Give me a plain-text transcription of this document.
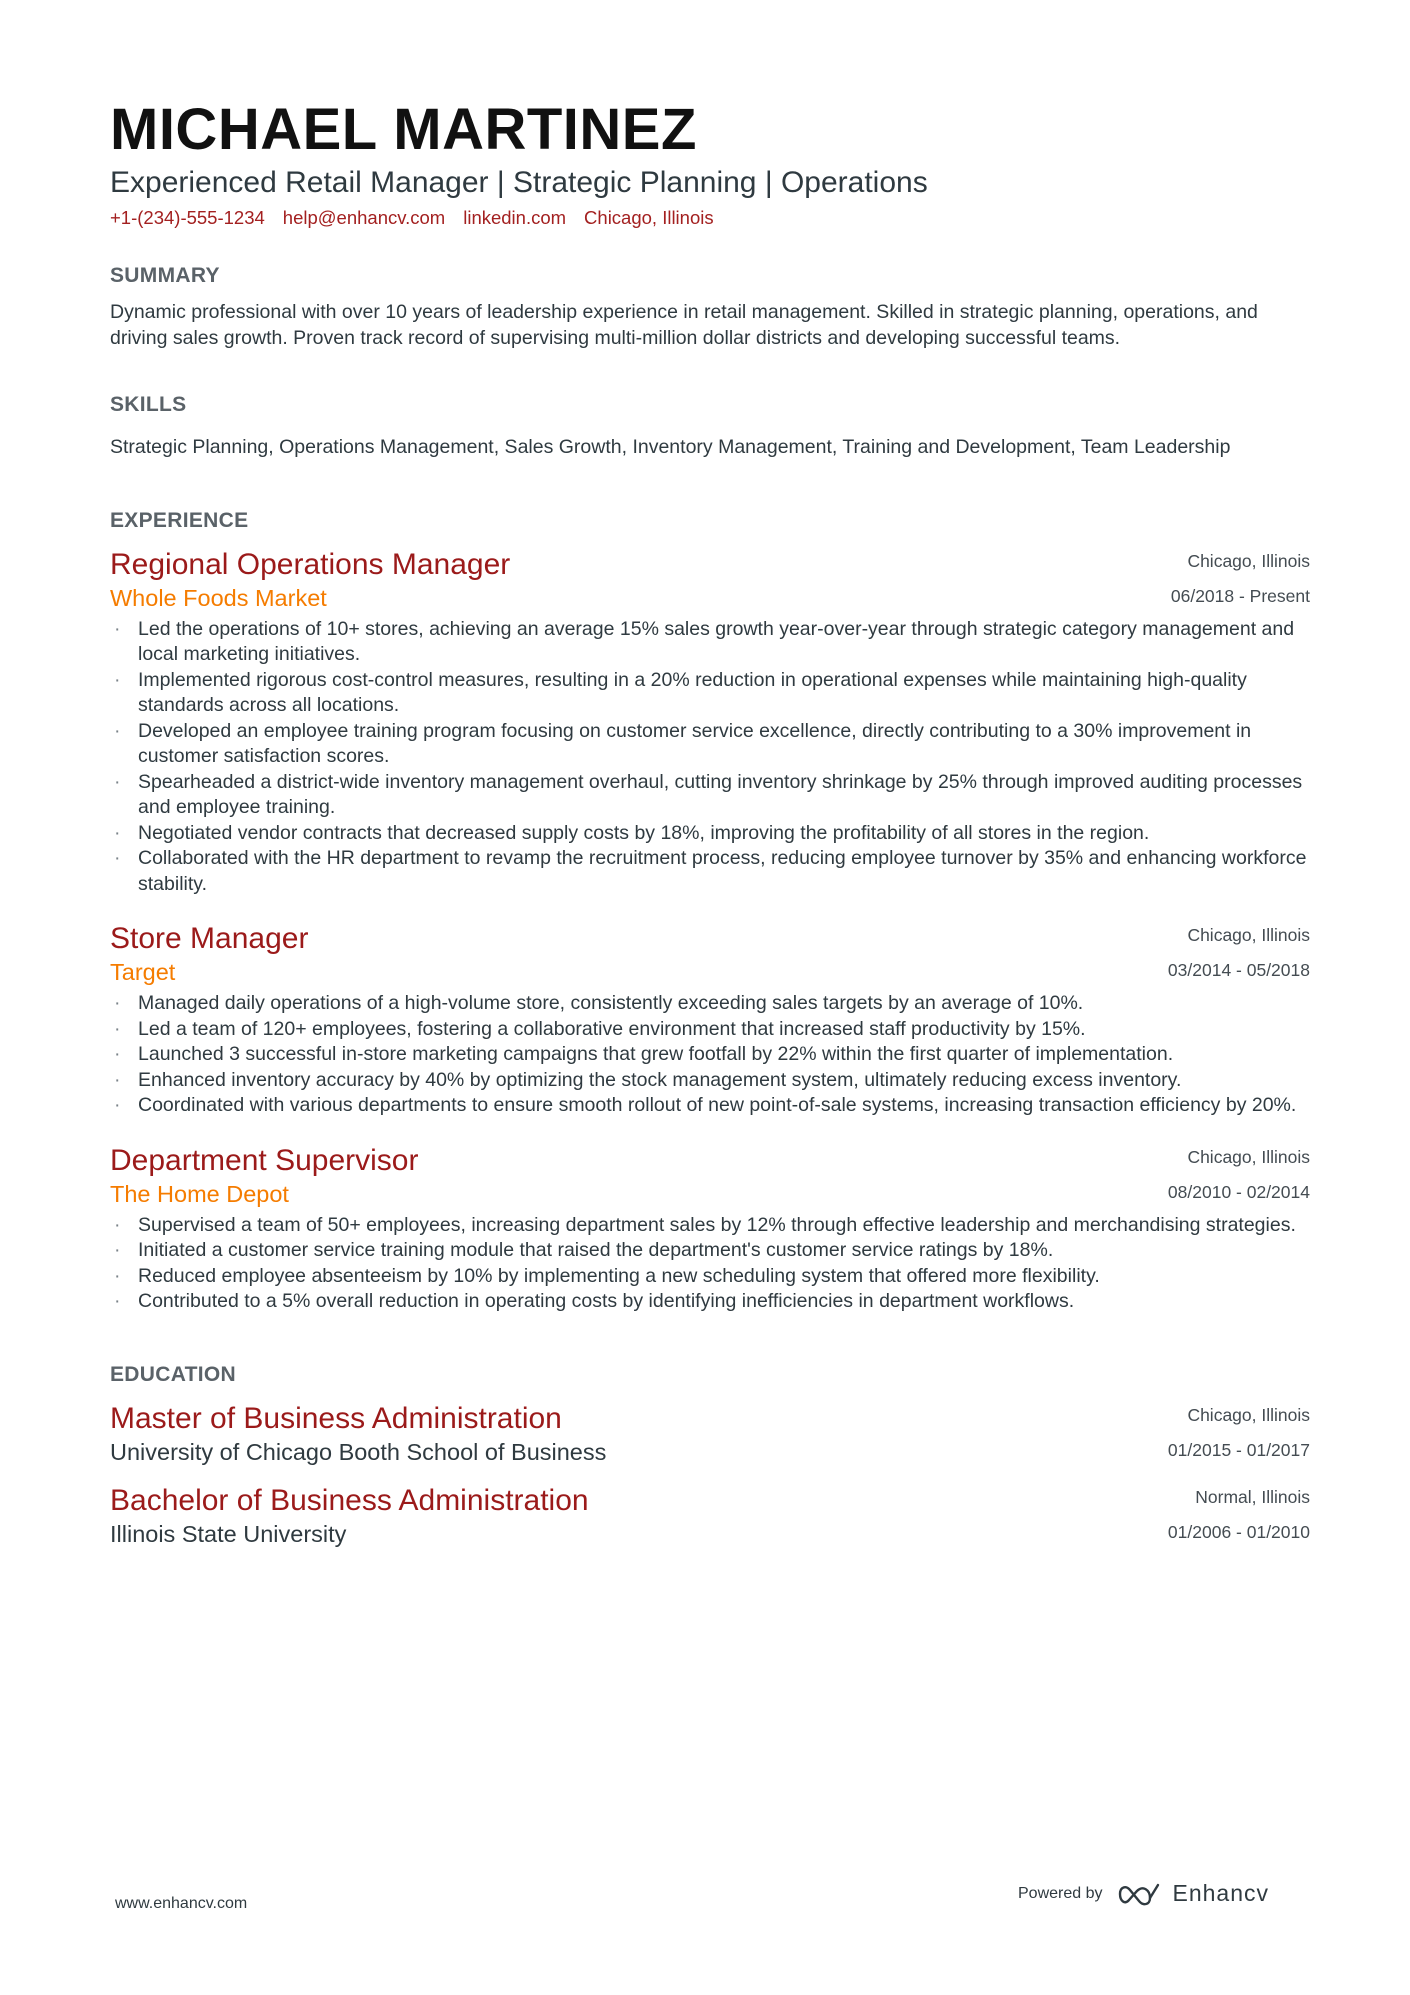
MICHAEL MARTINEZ
Experienced Retail Manager | Strategic Planning | Operations
+1-(234)-555-1234 help@enhancv.com linkedin.com Chicago, Illinois
SUMMARY
Dynamic professional with over 10 years of leadership experience in retail management. Skilled in strategic planning, operations, and driving sales growth. Proven track record of supervising multi-million dollar districts and developing successful teams.
SKILLS
Strategic Planning, Operations Management, Sales Growth, Inventory Management, Training and Development, Team Leadership
EXPERIENCE
Regional Operations Manager
Whole Foods Market
Chicago, Illinois
06/2018 - Present
· Led the operations of 10+ stores, achieving an average 15% sales growth year-over-year through strategic category management and local marketing initiatives.
· Implemented rigorous cost-control measures, resulting in a 20% reduction in operational expenses while maintaining high-quality standards across all locations.
· Developed an employee training program focusing on customer service excellence, directly contributing to a 30% improvement in customer satisfaction scores.
· Spearheaded a district-wide inventory management overhaul, cutting inventory shrinkage by 25% through improved auditing processes and employee training.
· Negotiated vendor contracts that decreased supply costs by 18%, improving the profitability of all stores in the region.
· Collaborated with the HR department to revamp the recruitment process, reducing employee turnover by 35% and enhancing workforce stability.
Store Manager
Target
Chicago, Illinois
03/2014 - 05/2018
· Managed daily operations of a high-volume store, consistently exceeding sales targets by an average of 10%.
· Led a team of 120+ employees, fostering a collaborative environment that increased staff productivity by 15%.
· Launched 3 successful in-store marketing campaigns that grew footfall by 22% within the first quarter of implementation.
· Enhanced inventory accuracy by 40% by optimizing the stock management system, ultimately reducing excess inventory.
· Coordinated with various departments to ensure smooth rollout of new point-of-sale systems, increasing transaction efficiency by 20%.
Department Supervisor
The Home Depot
Chicago, Illinois
08/2010 - 02/2014
· Supervised a team of 50+ employees, increasing department sales by 12% through effective leadership and merchandising strategies.
· Initiated a customer service training module that raised the department's customer service ratings by 18%.
· Reduced employee absenteeism by 10% by implementing a new scheduling system that offered more flexibility.
· Contributed to a 5% overall reduction in operating costs by identifying inefficiencies in department workflows.
EDUCATION
Master of Business Administration
University of Chicago Booth School of Business
Chicago, Illinois
01/2015 - 01/2017
Bachelor of Business Administration
Illinois State University
Normal, Illinois
01/2006 - 01/2010
www.enhancv.com
Powered by	Enhancv
